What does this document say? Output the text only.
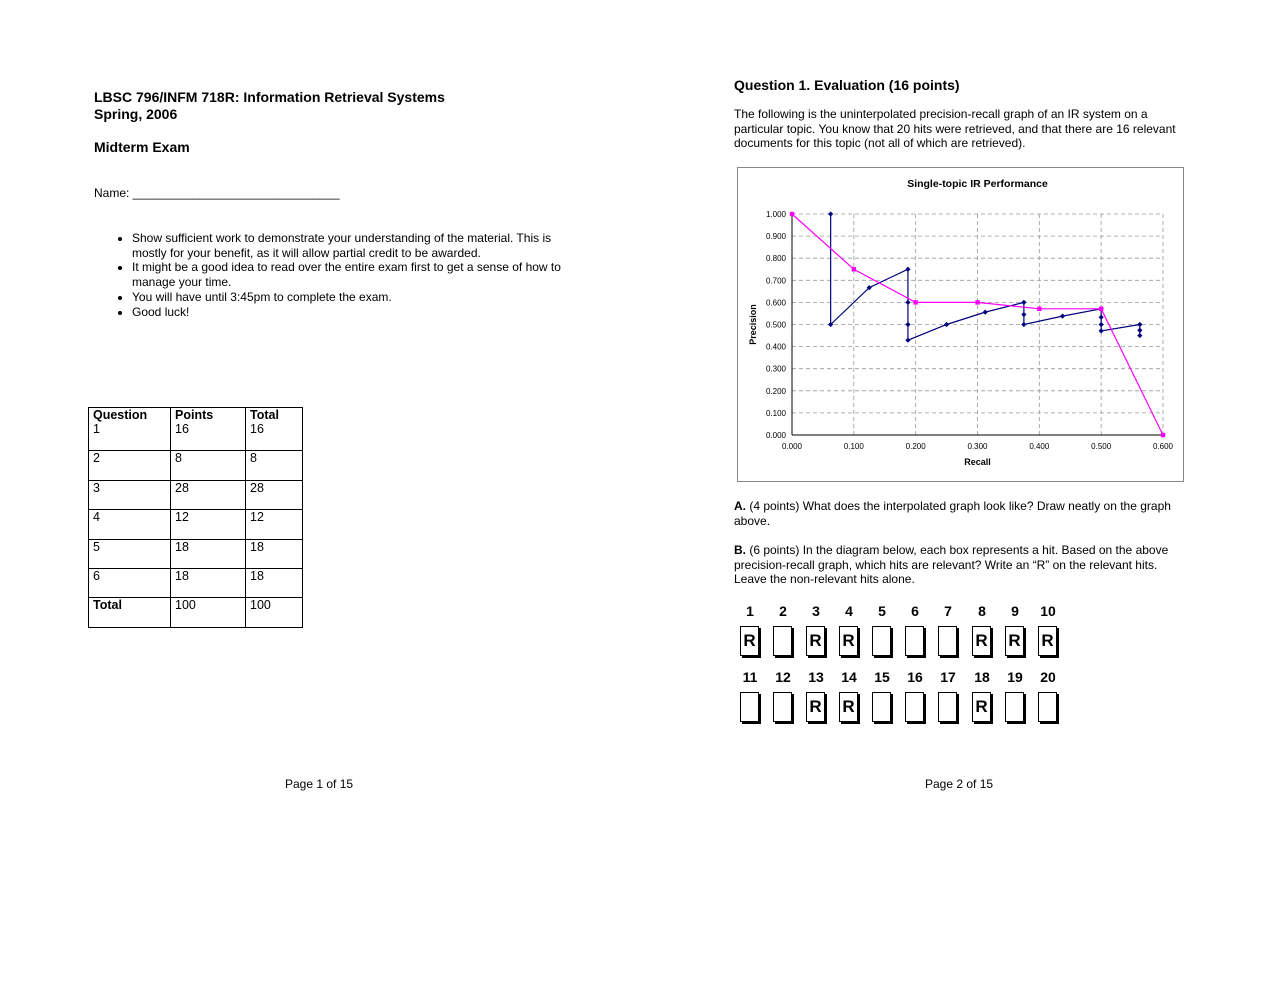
LBSC 796/INFM 718R: Information Retrieval Systems
Spring, 2006
Midterm Exam
Name: _______________________________
• Show sufficient work to demonstrate your understanding of the material. This is mostly for your benefit, as it will allow partial credit to be awarded.
• It might be a good idea to read over the entire exam first to get a sense of how to manage your time.
• You will have until 3:45pm to complete the exam.
• Good luck!
Question	Points	Total
1	16	16
2	8	8
3	28	28
4	12	12
5	18	18
6	18	18
Total	100	100
Page 1 of 15
Question 1. Evaluation (16 points)
The following is the uninterpolated precision-recall graph of an IR system on a particular topic. You know that 20 hits were retrieved, and that there are 16 relevant documents for this topic (not all of which are retrieved).
Single-topic IR Performance
0.000
0.100
0.200
0.300
0.400
0.500
0.600
0.700
0.800
0.900
1.000
0.000	0.100	0.200	0.300	0.400	0.500	0.600
Recall
Precision
A. (4 points) What does the interpolated graph look like? Draw neatly on the graph above.
B. (6 points) In the diagram below, each box represents a hit. Based on the above precision-recall graph, which hits are relevant? Write an “R” on the relevant hits. Leave the non-relevant hits alone.
1
R
2	3
R
4
R
5	6	7	8
R
9
R
10
R
11	12	13
R
14
R
15	16	17	18
R
19	20
Page 2 of 15
